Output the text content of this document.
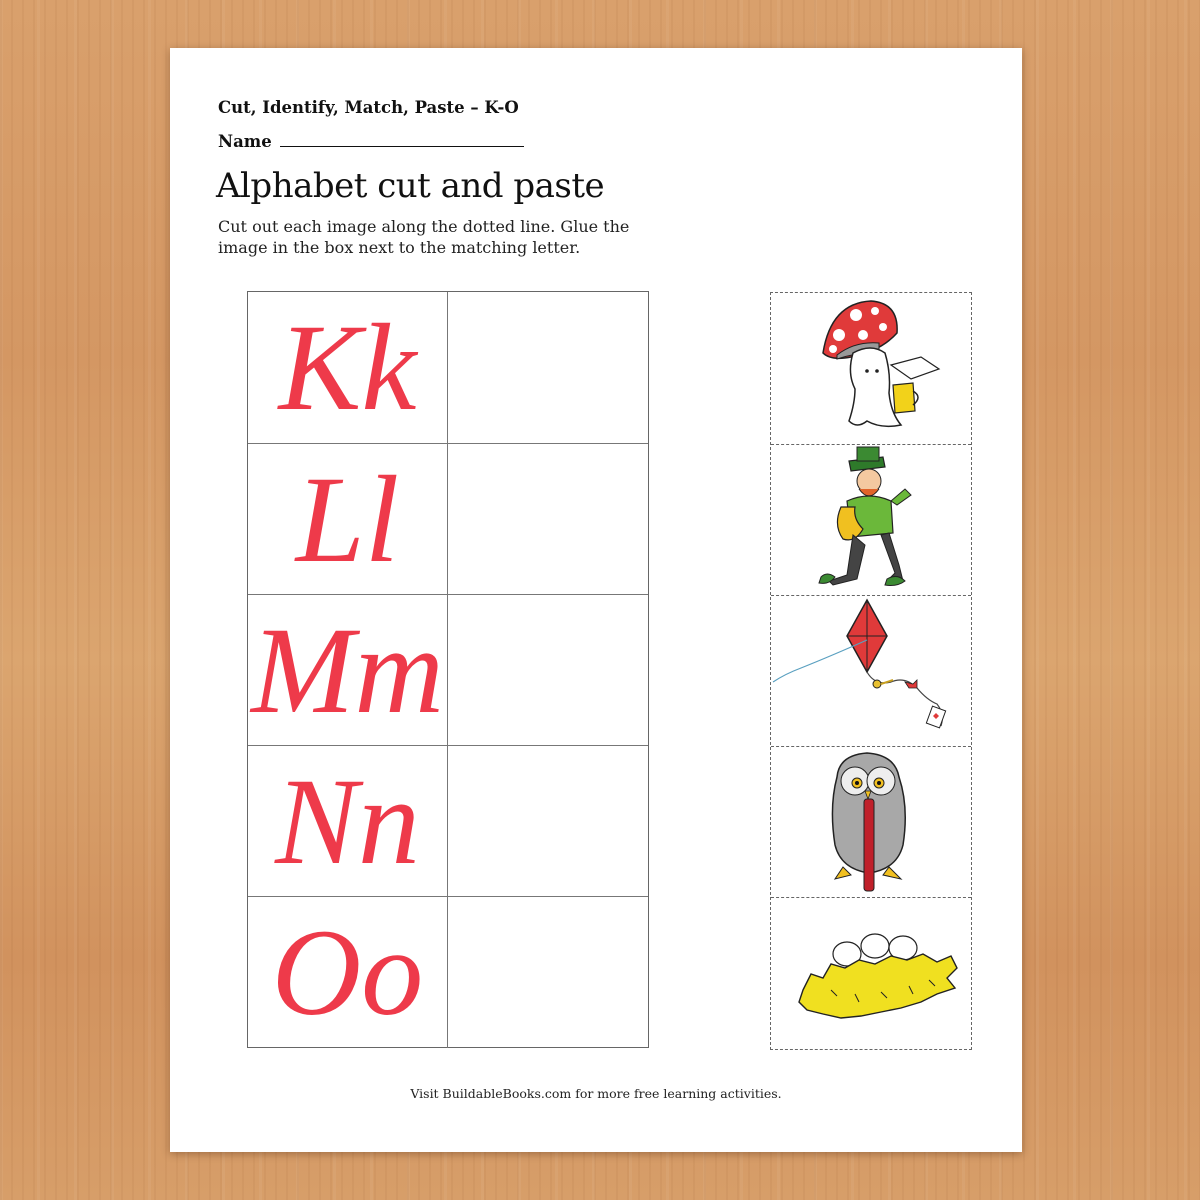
Cut, Identify, Match, Paste – K-O
Name
Alphabet cut and paste
Cut out each image along the dotted line. Glue the image in the box next to the matching letter.
Kk
Ll
Mm
Nn
Oo
Visit BuildableBooks.com for more free learning activities.
